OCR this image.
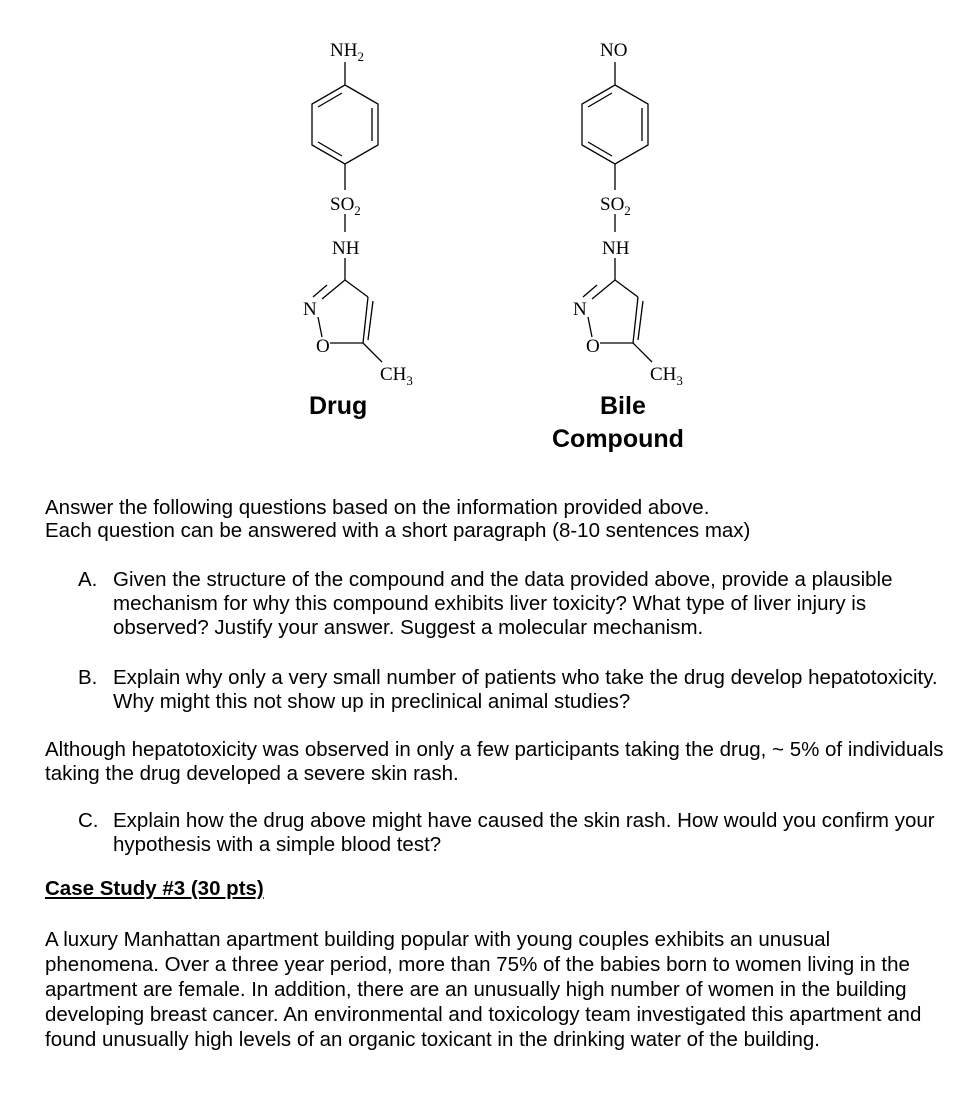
$NH_2$
$SO_2$
NH
N
O
$CH_3$
Drug
NO
$SO_2$
NH
N
O
$CH_3$
Bile
Compound
Answer the following questions based on the information provided above.
Each question can be answered with a short paragraph (8-10 sentences max)
A. Given the structure of the compound and the data provided above, provide a plausible mechanism for why this compound exhibits liver toxicity? What type of liver injury is observed? Justify your answer. Suggest a molecular mechanism.
B. Explain why only a very small number of patients who take the drug develop hepatotoxicity. Why might this not show up in preclinical animal studies?
Although hepatotoxicity was observed in only a few participants taking the drug, ~ 5% of individuals taking the drug developed a severe skin rash.
C. Explain how the drug above might have caused the skin rash. How would you confirm your hypothesis with a simple blood test?
Case Study #3 (30 pts)
A luxury Manhattan apartment building popular with young couples exhibits an unusual phenomena. Over a three year period, more than 75% of the babies born to women living in the apartment are female. In addition, there are an unusually high number of women in the building developing breast cancer. An environmental and toxicology team investigated this apartment and found unusually high levels of an organic toxicant in the drinking water of the building.
